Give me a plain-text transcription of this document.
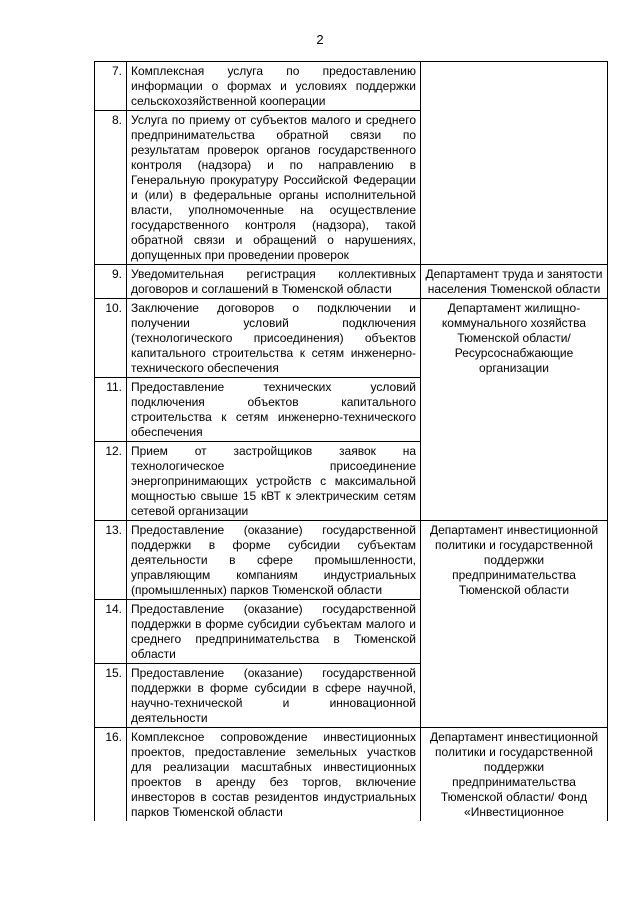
2
7.	Комплексная услуга по предоставлению информации о формах и условиях поддержки сельскохозяйственной кооперации	
8.	Услуга по приему от субъектов малого и среднего предпринимательства обратной связи по результатам проверок органов государственного контроля (надзора) и по направлению в Генеральную прокуратуру Российской Федерации и (или) в федеральные органы исполнительной власти, уполномоченные на осуществление государственного контроля (надзора), такой обратной связи и обращений о нарушениях, допущенных при проведении проверок	
9.	Уведомительная регистрация коллективных договоров и соглашений в Тюменской области	Департамент труда и занятости населения Тюменской области
10.	Заключение договоров о подключении и получении условий подключения (технологического присоединения) объектов капитального строительства к сетям инженерно-технического обеспечения	Департамент жилищно-коммунального хозяйства Тюменской области/Ресурсоснабжающие организации
11.	Предоставление технических условий подключения объектов капитального строительства к сетям инженерно-технического обеспечения	
12.	Прием от застройщиков заявок на технологическое присоединение энергопринимающих устройств с максимальной мощностью свыше 15 кВТ к электрическим сетям сетевой организации	
13.	Предоставление (оказание) государственной поддержки в форме субсидии субъектам деятельности в сфере промышленности, управляющим компаниям индустриальных (промышленных) парков Тюменской области	Департамент инвестиционной политики и государственной поддержки предпринимательства Тюменской области
14.	Предоставление (оказание) государственной поддержки в форме субсидии субъектам малого и среднего предпринимательства в Тюменской области	
15.	Предоставление (оказание) государственной поддержки в форме субсидии в сфере научной, научно-технической и инновационной деятельности	
16.	Комплексное сопровождение инвестиционных проектов, предоставление земельных участков для реализации масштабных инвестиционных проектов в аренду без торгов, включение инвесторов в состав резидентов индустриальных парков Тюменской области	Департамент инвестиционной политики и государственной поддержки предпринимательства Тюменской области/ Фонд «Инвестиционное
